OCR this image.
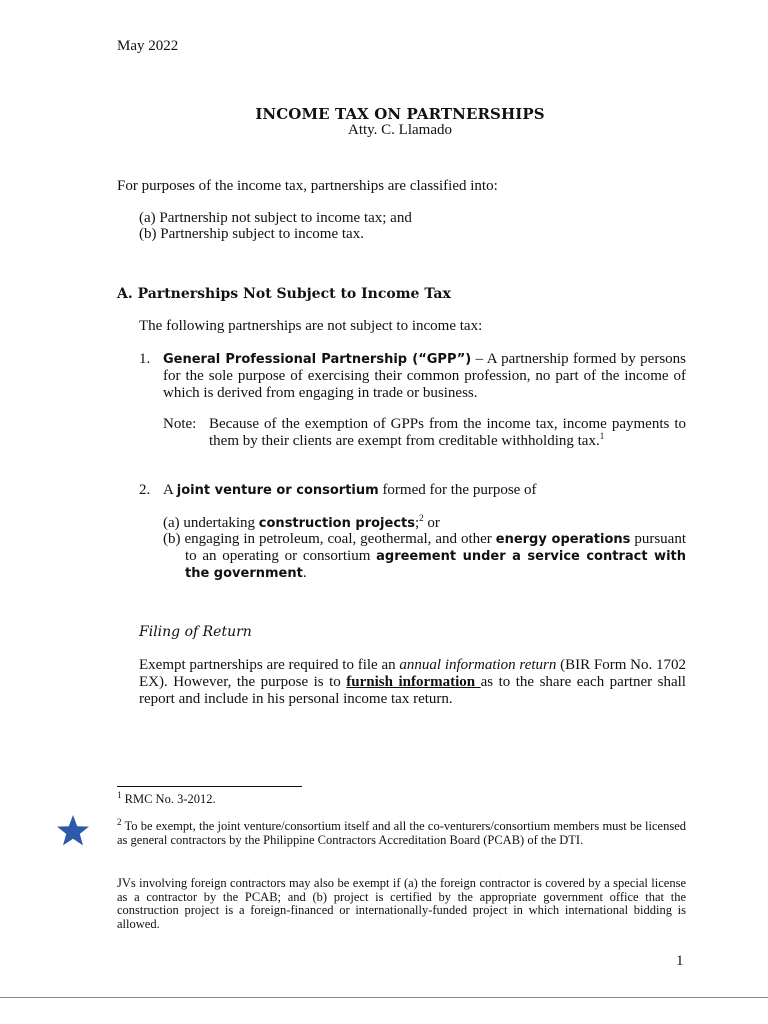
May 2022

INCOME TAX ON PARTNERSHIPS

Atty. C. Llamado

For purposes of the income tax, partnerships are classified into:

(a) Partnership not subject to income tax; and

(b) Partnership subject to income tax.

A. Partnerships Not Subject to Income Tax

The following partnerships are not subject to income tax:

1. General Professional Partnership (“GPP”) – A partnership formed by persons for the sole purpose of exercising their common profession, no part of the income of which is derived from engaging in trade or business.

Note: Because of the exemption of GPPs from the income tax, income payments to them by their clients are exempt from creditable withholding tax.$^1$

2. A joint venture or consortium formed for the purpose of

(a) undertaking construction projects;$^2$ or

(b) engaging in petroleum, coal, geothermal, and other energy operations pursuant to an operating or consortium agreement under a service contract with the government.

Filing of Return

Exempt partnerships are required to file an annual information return (BIR Form No. 1702 EX). However, the purpose is to furnish information as to the share each partner shall report and include in his personal income tax return.

$^1$ RMC No. 3-2012.

$^2$ To be exempt, the joint venture/consortium itself and all the co-venturers/consortium members must be licensed as general contractors by the Philippine Contractors Accreditation Board (PCAB) of the DTI.

JVs involving foreign contractors may also be exempt if (a) the foreign contractor is covered by a special license as a contractor by the PCAB; and (b) project is certified by the appropriate government office that the construction project is a foreign-financed or internationally-funded project in which international bidding is allowed.

1
